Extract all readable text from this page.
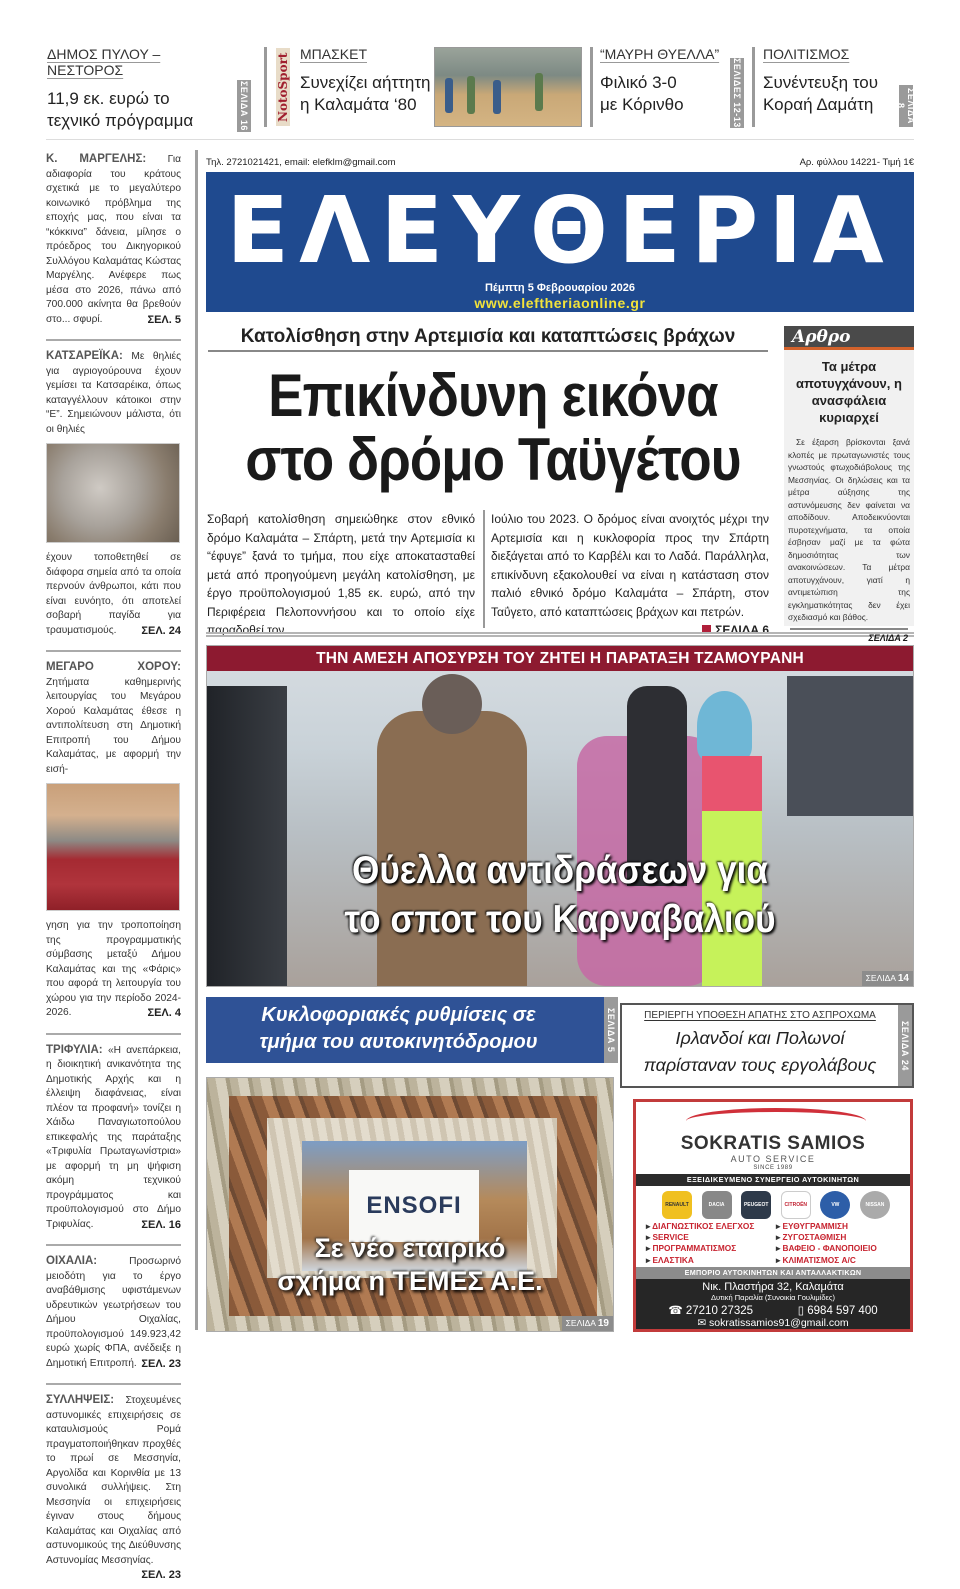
ΔΗΜΟΣ ΠΥΛΟΥ – ΝΕΣΤΟΡΟΣ
11,9 εκ. ευρώ το
τεχνικό πρόγραμμα	ΣΕΛΙΔΑ 16 NotoSport ΜΠΑΣΚΕΤ
Συνεχίζει αήττητη
η Καλαμάτα ‘80
“ΜΑΥΡΗ ΘΥΕΛΛΑ”
Φιλικό 3-0
με Κόρινθο	ΣΕΛΙΔΕΣ 12-13
ΠΟΛΙΤΙΣΜΟΣ
Συνέντευξη του
Κοραή Δαμάτη	ΣΕΛΙΔΑ 8
Κ. ΜΑΡΓΕΛΗΣ: Για αδιαφορία του κράτους σχετικά με το μεγαλύτερο κοινωνικό πρόβλημα της εποχής μας, που είναι τα “κόκκινα” δάνεια, μίλησε ο πρόεδρος του Δικηγορικού Συλλόγου Καλαμάτας Κώστας Μαργέλης. Ανέφερε πως μέσα στο 2026, πάνω από 700.000 ακίνητα θα βρεθούν στο... σφυρί.	ΣΕΛ. 5
ΚΑΤΣΑΡΕΪΚΑ: Με θηλιές για αγριογούρουνα έχουν γεμίσει τα Κατσαρέικα, όπως καταγγέλλουν κάτοικοι στην “Ε”. Σημειώνουν μάλιστα, ότι οι θηλιές
έχουν τοποθετηθεί σε διάφορα σημεία από τα οποία περνούν άνθρωποι, κάτι που είναι ευνόητο, ότι αποτελεί σοβαρή παγίδα για τραυματισμούς. ΣΕΛ. 24
ΜΕΓΑΡΟ ΧΟΡΟΥ: Ζητήματα καθημερινής λειτουργίας του Μεγάρου Χορού Καλαμάτας έθεσε η αντιπολίτευση στη Δημοτική Επιτροπή του Δήμου Καλαμάτας, με αφορμή την εισή-
γηση για την τροποποίηση της προγραμματικής σύμβασης μεταξύ Δήμου Καλαμάτας και της «Φάρις» που αφορά τη λειτουργία του χώρου για την περίοδο 2024-2026.	ΣΕΛ. 4
ΤΡΙΦΥΛΙΑ: «Η ανεπάρκεια, η διοικητική ανικανότητα της Δημοτικής Αρχής και η έλλειψη διαφάνειας, είναι πλέον τα προφανή» τονίζει η Χάιδω Παναγιωτοπούλου επικεφαλής της παράταξης «Τριφυλία Πρωταγωνίστρια» με αφορμή τη μη ψήφιση ακόμη τεχνικού προγράμματος και προϋπολογισμού στο Δήμο Τριφυλίας.	ΣΕΛ. 16
ΟΙΧΑΛΙΑ:	Προσωρινό μειοδότη για το έργο αναβάθμισης υφιστάμενων υδρευτικών γεωτρήσεων του Δήμου Οιχαλίας, προϋπολογισμού 149.923,42 ευρώ χωρίς ΦΠΑ, ανέδειξε η Δημοτική Επιτροπή. ΣΕΛ. 23
ΣΥΛΛΗΨΕΙΣ: Στοχευμένες αστυνομικές επιχειρήσεις σε καταυλισμούς Ρομά πραγματοποιήθηκαν προχθές το πρωί σε Μεσσηνία, Αργολίδα και Κορινθία με 13 συνολικά συλλήψεις. Στη Μεσσηνία οι επιχειρήσεις έγιναν στους δήμους Καλαμάτας και Οιχαλίας από αστυνομικούς της Διεύθυνσης Αστυνομίας Μεσσηνίας.
ΣΕΛ. 23
Τηλ. 2721021421, email: elefklm@gmail.com	Αρ. φύλλου 14221- Τιμή 1€
ΕΛΕΥΘΕΡΙΑ
Πέμπτη 5 Φεβρουαρίου 2026
www.eleftheriaonline.gr
Κατολίσθηση στην Αρτεμισία και καταπτώσεις βράχων
Επικίνδυνη εικόνα
στο δρόμο Ταϋγέτου
Σοβαρή κατολίσθηση σημειώθηκε στον εθνικό δρόμο Καλαμάτα – Σπάρτη, μετά την Αρτεμισία κι “έφυγε” ξανά το τμήμα, που είχε αποκατασταθεί μετά από προηγούμενη μεγάλη κατολίσθηση, με έργο προϋπολογισμού 1,85 εκ. ευρώ, από την Περιφέρεια Πελοποννήσου και το οποίο είχε παραδοθεί τον
Ιούλιο του 2023. Ο δρόμος είναι ανοιχτός μέχρι την Αρτεμισία και η κυκλοφορία προς την Σπάρτη διεξάγεται από το Καρβέλι και το Λαδά. Παράλληλα, επικίνδυνη εξακολουθεί να είναι η κατάσταση στον παλιό εθνικό δρόμο Καλαμάτα – Σπάρτη, στον Ταΰγετο, από καταπτώσεις βράχων και πετρών.
ΣΕΛΙΔΑ 6
Αρθρο
Τα μέτρα αποτυγχάνουν, η ανασφάλεια κυριαρχεί
Σε έξαρση βρίσκονται ξανά κλοπές με πρωταγωνιστές τους γνωστούς φτωχοδιάβολους της Μεσσηνίας. Οι δηλώσεις και τα μέτρα αύξησης της αστυνόμευσης δεν φαίνεται να αποδίδουν. Αποδεικνύονται πυροτεχνήματα, τα οποία έσβησαν μαζί με τα φώτα δημοσιότητας των ανακοινώσεων. Τα μέτρα αποτυγχάνουν, γιατί η αντιμετώπιση της εγκληματικότητας δεν έχει σχεδιασμό και βάθος.
ΣΕΛΙΔΑ 2
ΤΗΝ ΑΜΕΣΗ ΑΠΟΣΥΡΣΗ ΤΟΥ ΖΗΤΕΙ Η ΠΑΡΑΤΑΞΗ ΤΖΑΜΟΥΡΑΝΗ
Θύελλα αντιδράσεων για
το σποτ του Καρναβαλιού
ΣΕΛΙΔΑ 14
Κυκλοφοριακές ρυθμίσεις σε
τμήμα του αυτοκινητόδρομου	ΣΕΛΙΔΑ 5	ΠΕΡΙΕΡΓΗ ΥΠΟΘΕΣΗ ΑΠΑΤΗΣ ΣΤΟ ΑΣΠΡΟΧΩΜΑ
Ιρλανδοί και Πολωνοί
παρίσταναν τους εργολάβους	ΣΕΛΙΔΑ 24
ENSOFI
Σε νέο εταιρικό
σχήμα η ΤΕΜΕΣ Α.Ε.
ΣΕΛΙΔΑ 19
SOKRATIS SAMIOS
AUTO SERVICE
SINCE 1989
ΕΞΕΙΔΙΚΕΥΜΕΝΟ ΣΥΝΕΡΓΕΙΟ ΑΥΤΟΚΙΝΗΤΩΝ
RENAULT	DACIA	PEUGEOT	CITROËN	VW	NISSAN
▸ ΔΙΑΓΝΩΣΤΙΚΟΣ ΕΛΕΓΧΟΣ	▸ ΕΥΘΥΓΡΑΜΜΙΣΗ
▸ SERVICE	▸ ΖΥΓΟΣΤΑΘΜΙΣΗ
▸ ΠΡΟΓΡΑΜΜΑΤΙΣΜΟΣ	▸ ΒΑΦΕΙΟ - ΦΑΝΟΠΟΙΕΙΟ
▸ ΕΛΑΣΤΙΚΑ	▸ ΚΛΙΜΑΤΙΣΜΟΣ A/C
ΕΜΠΟΡΙΟ ΑΥΤΟΚΙΝΗΤΩΝ ΚΑΙ ΑΝΤΑΛΛΑΚΤΙΚΩΝ
Νικ. Πλαστήρα 32, Καλαμάτα
Δυτική Παραλία (Συνοικία Γουλιμίδες)
☎ 27210 27325	▯ 6984 597 400
✉ sokratissamios91@gmail.com
